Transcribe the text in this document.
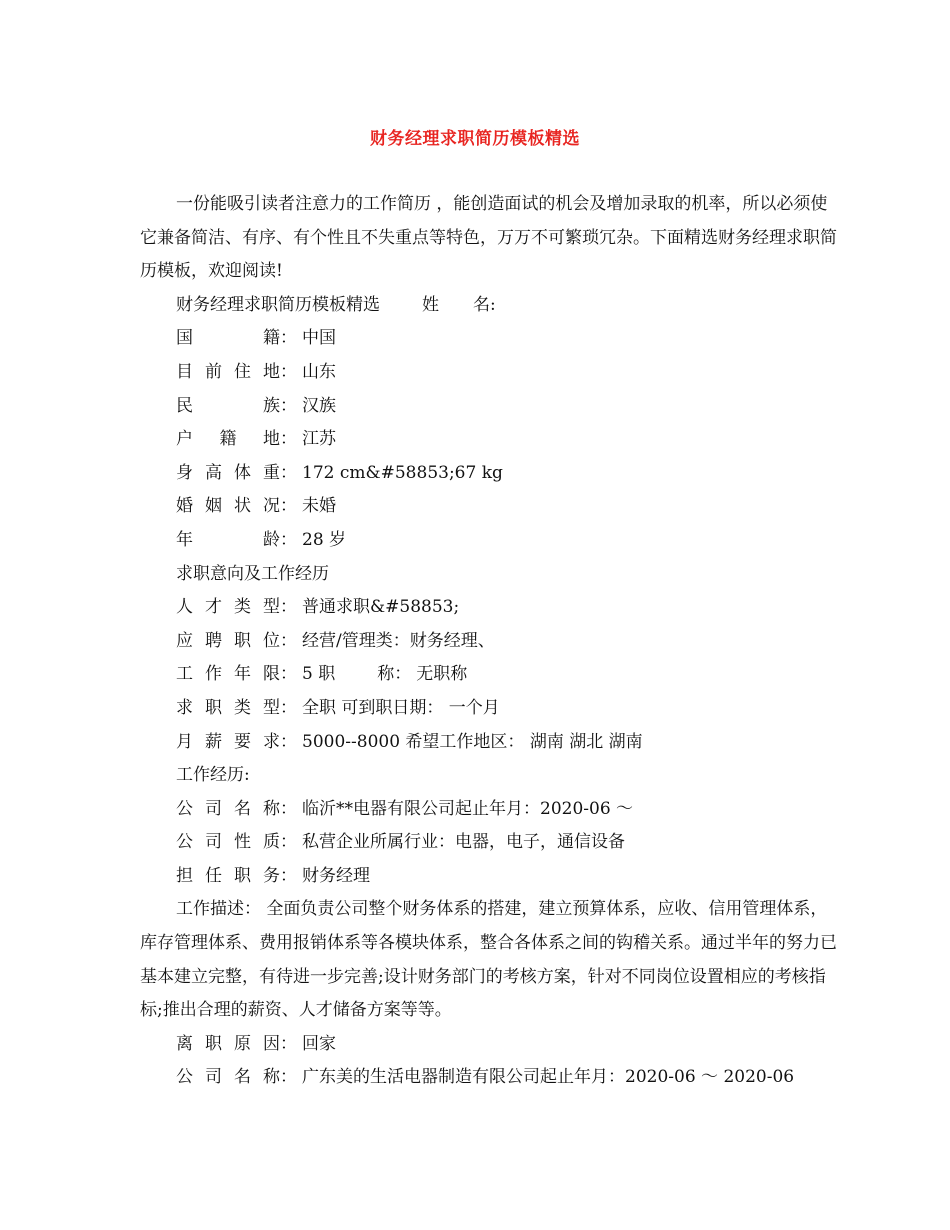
财务经理求职简历模板精选

一份能吸引读者注意力的工作简历 ，能创造面试的机会及增加录取的机率，所以必须使它兼备简洁、有序、有个性且不失重点等特色，万万不可繁琐冗杂。下面精选财务经理求职简历模板，欢迎阅读!

财务经理求职简历模板精选 姓　　名:
国　　籍 ： 中国
目前住地 ： 山东
民　　族 ： 汉族
户 籍 地 ： 江苏
身高体重 ： 172 cm&#58853;67 kg
婚姻状况 ： 未婚
年　　龄 ： 28 岁
求职意向及工作经历
人才类型 ： 普通求职&#58853;
应聘职位 ： 经营/管理类：财务经理、
工作年限 ： 5 职 称 ： 无职称
求职类型 ： 全职 可到职日期： 一个月
月薪要求 ： 5000--8000 希望工作地区： 湖南 湖北 湖南
工作经历:
公司名称 ： 临沂**电器有限公司起止年月：2020-06 ～
公司性质 ： 私营企业所属行业：电器，电子，通信设备
担任职务 ： 财务经理

工作描述： 全面负责公司整个财务体系的搭建，建立预算体系，应收、信用管理体系，库存管理体系、费用报销体系等各模块体系，整合各体系之间的钩稽关系。通过半年的努力已基本建立完整，有待进一步完善;设计财务部门的考核方案，针对不同岗位设置相应的考核指标;推出合理的薪资、人才储备方案等等。

离职原因 ： 回家
公司名称 ： 广东美的生活电器制造有限公司起止年月：2020-06 ～ 2020-06
